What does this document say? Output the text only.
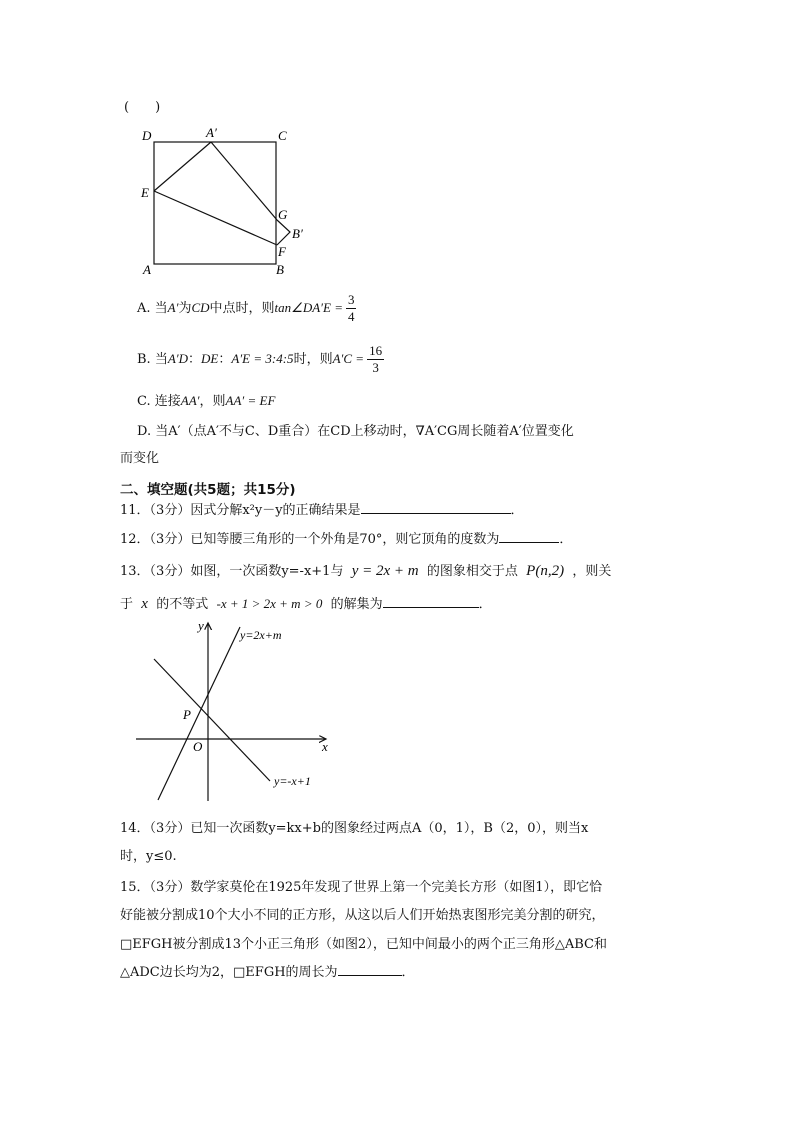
(　　)
D	A′	C
E
G
B′
F
A	B
A. 当A′为CD中点时，则tan∠DA′E = $\frac{3}{4}$
B. 当A′D：DE：A′E = 3:4:5时，则$A'C = \frac{16}{3}$
C. 连接AA′，则AA′ = EF
D. 当A′（点A′不与C、D重合）在CD上移动时，∇A′CG周长随着A′位置变化
而变化
二、填空题(共5题；共15分)
11．（3分）因式分解x²y－y的正确结果是	．
12．（3分）已知等腰三角形的一个外角是70°，则它顶角的度数为	．
13．（3分）如图，一次函数y=-x+1与 y = 2x + m 的图象相交于点 P(n,2) ，则关
于 x 的不等式 -x + 1 > 2x + m > 0 的解集为	．
y
x
P
O
y=2x+m
y=-x+1
14．（3分）已知一次函数y=kx+b的图象经过两点A（0，1），B（2，0），则当x
时，y≤0.
15．（3分）数学家莫伦在1925年发现了世界上第一个完美长方形（如图1），即它恰
好能被分割成10个大小不同的正方形，从这以后人们开始热衷图形完美分割的研究，
□EFGH被分割成13个小正三角形（如图2），已知中间最小的两个正三角形△ABC和
△ADC边长均为2，□EFGH的周长为	．
